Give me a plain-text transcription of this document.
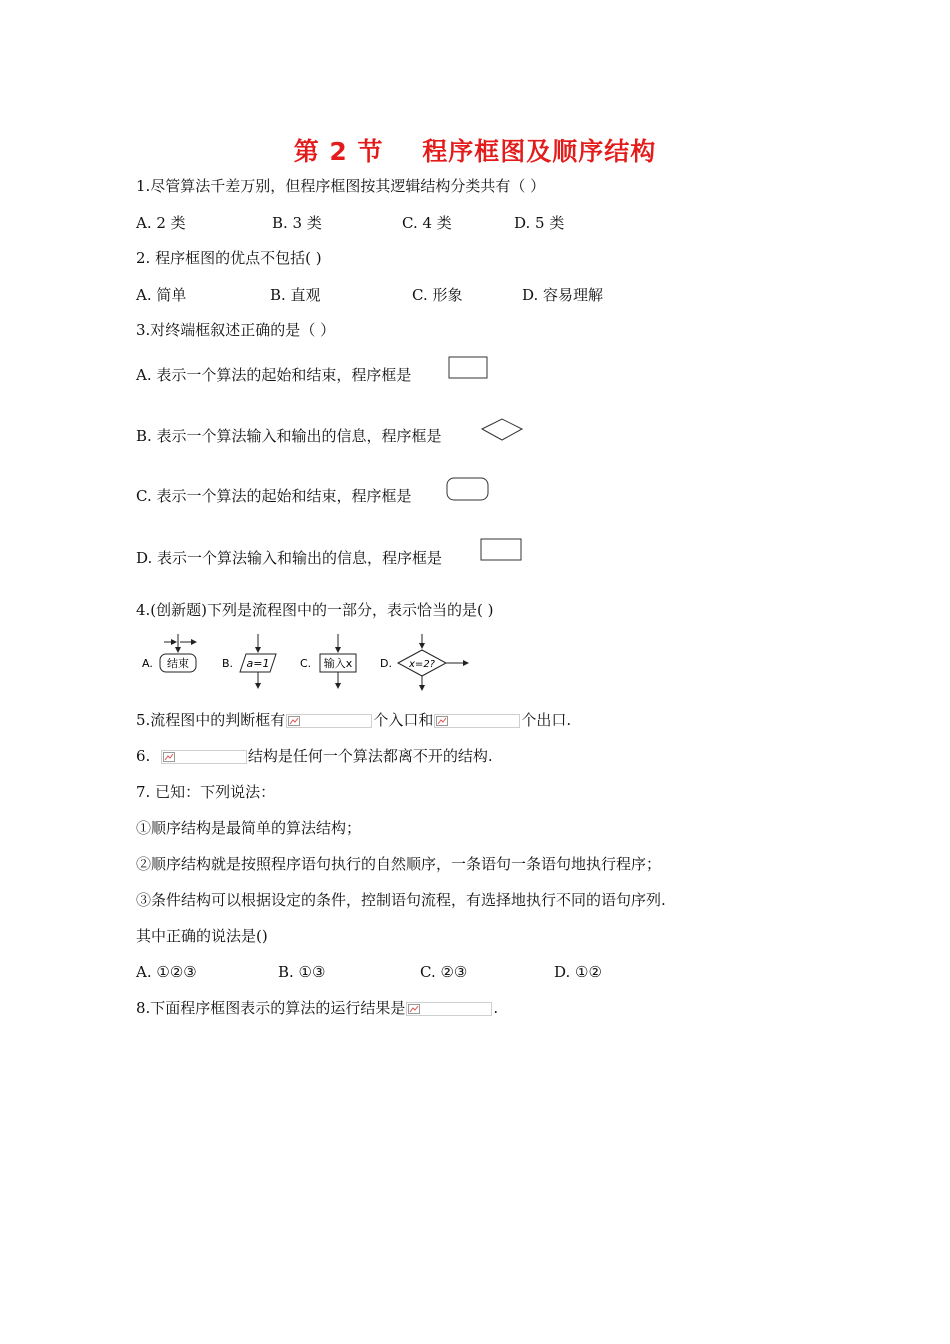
第 2 节    程序框图及顺序结构
1.尽管算法千差万别，但程序框图按其逻辑结构分类共有（ ）
A. 2 类	B. 3 类	C. 4 类	D. 5 类
2. 程序框图的优点不包括( )
A. 简单	B. 直观	C. 形象	D. 容易理解
3.对终端框叙述正确的是（ ）
A. 表示一个算法的起始和结束，程序框是
B. 表示一个算法输入和输出的信息，程序框是
C. 表示一个算法的起始和结束，程序框是
D. 表示一个算法输入和输出的信息，程序框是
4.(创新题)下列是流程图中的一部分，表示恰当的是( )
A. 结束	B. a=1	C. 输入x	D. x=2?
5.流程图中的判断框有	个入口和	个出口.
6.	结构是任何一个算法都离不开的结构.
7. 已知：下列说法：
①顺序结构是最简单的算法结构；
②顺序结构就是按照程序语句执行的自然顺序，一条语句一条语句地执行程序；
③条件结构可以根据设定的条件，控制语句流程，有选择地执行不同的语句序列.
其中正确的说法是()
A. ①②③	B. ①③	C. ②③	D. ①②
8.下面程序框图表示的算法的运行结果是	.
